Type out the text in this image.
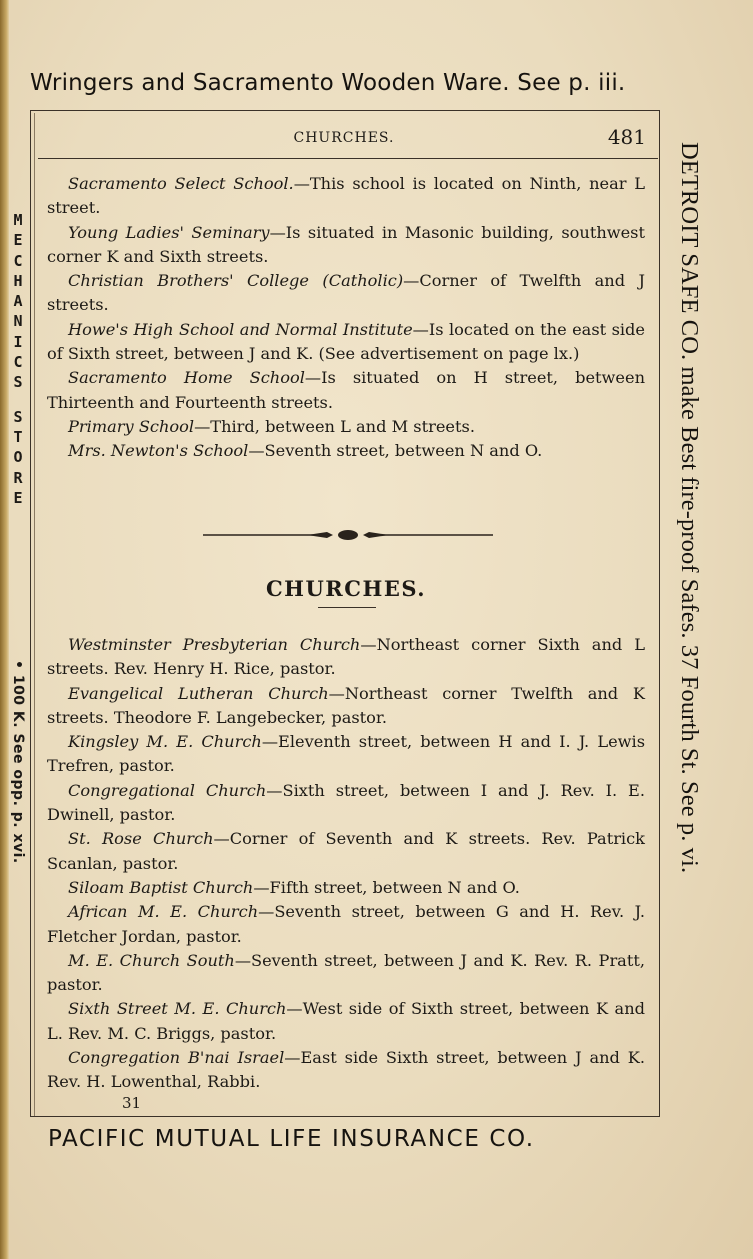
Wringers and Sacramento Wooden Ware. See p. iii.
CHURCHES.	481

Sacramento Select School.—This school is located on Ninth, near L street.

Young Ladies' Seminary—Is situated in Masonic building, southwest corner K and Sixth streets.

Christian Brothers' College (Catholic)—Corner of Twelfth and J streets.

Howe's High School and Normal Institute—Is located on the east side of Sixth street, between J and K. (See advertisement on page lx.)

Sacramento Home School—Is situated on H street, between Thirteenth and Fourteenth streets.

Primary School—Third, between L and M streets.

Mrs. Newton's School—Seventh street, between N and O.

CHURCHES.

Westminster Presbyterian Church—Northeast corner Sixth and L streets. Rev. Henry H. Rice, pastor.

Evangelical Lutheran Church—Northeast corner Twelfth and K streets. Theodore F. Langebecker, pastor.

Kingsley M. E. Church—Eleventh street, between H and I. J. Lewis Trefren, pastor.

Congregational Church—Sixth street, between I and J. Rev. I. E. Dwinell, pastor.

St. Rose Church—Corner of Seventh and K streets. Rev. Patrick Scanlan, pastor.

Siloam Baptist Church—Fifth street, between N and O.

African M. E. Church—Seventh street, between G and H. Rev. J. Fletcher Jordan, pastor.

M. E. Church South—Seventh street, between J and K. Rev. R. Pratt, pastor.

Sixth Street M. E. Church—West side of Sixth street, between K and L. Rev. M. C. Briggs, pastor.

Congregation B'nai Israel—East side Sixth street, between J and K. Rev. H. Lowenthal, Rabbi.

31
PACIFIC MUTUAL LIFE INSURANCE CO.
DETROIT SAFE CO. make Best fire-proof Safes. 37 Fourth St. See p. vi.
M
E
C
H
A
N
I
C
S
S
T
O
R
E
• 100 K. See opp. p. xvi.
